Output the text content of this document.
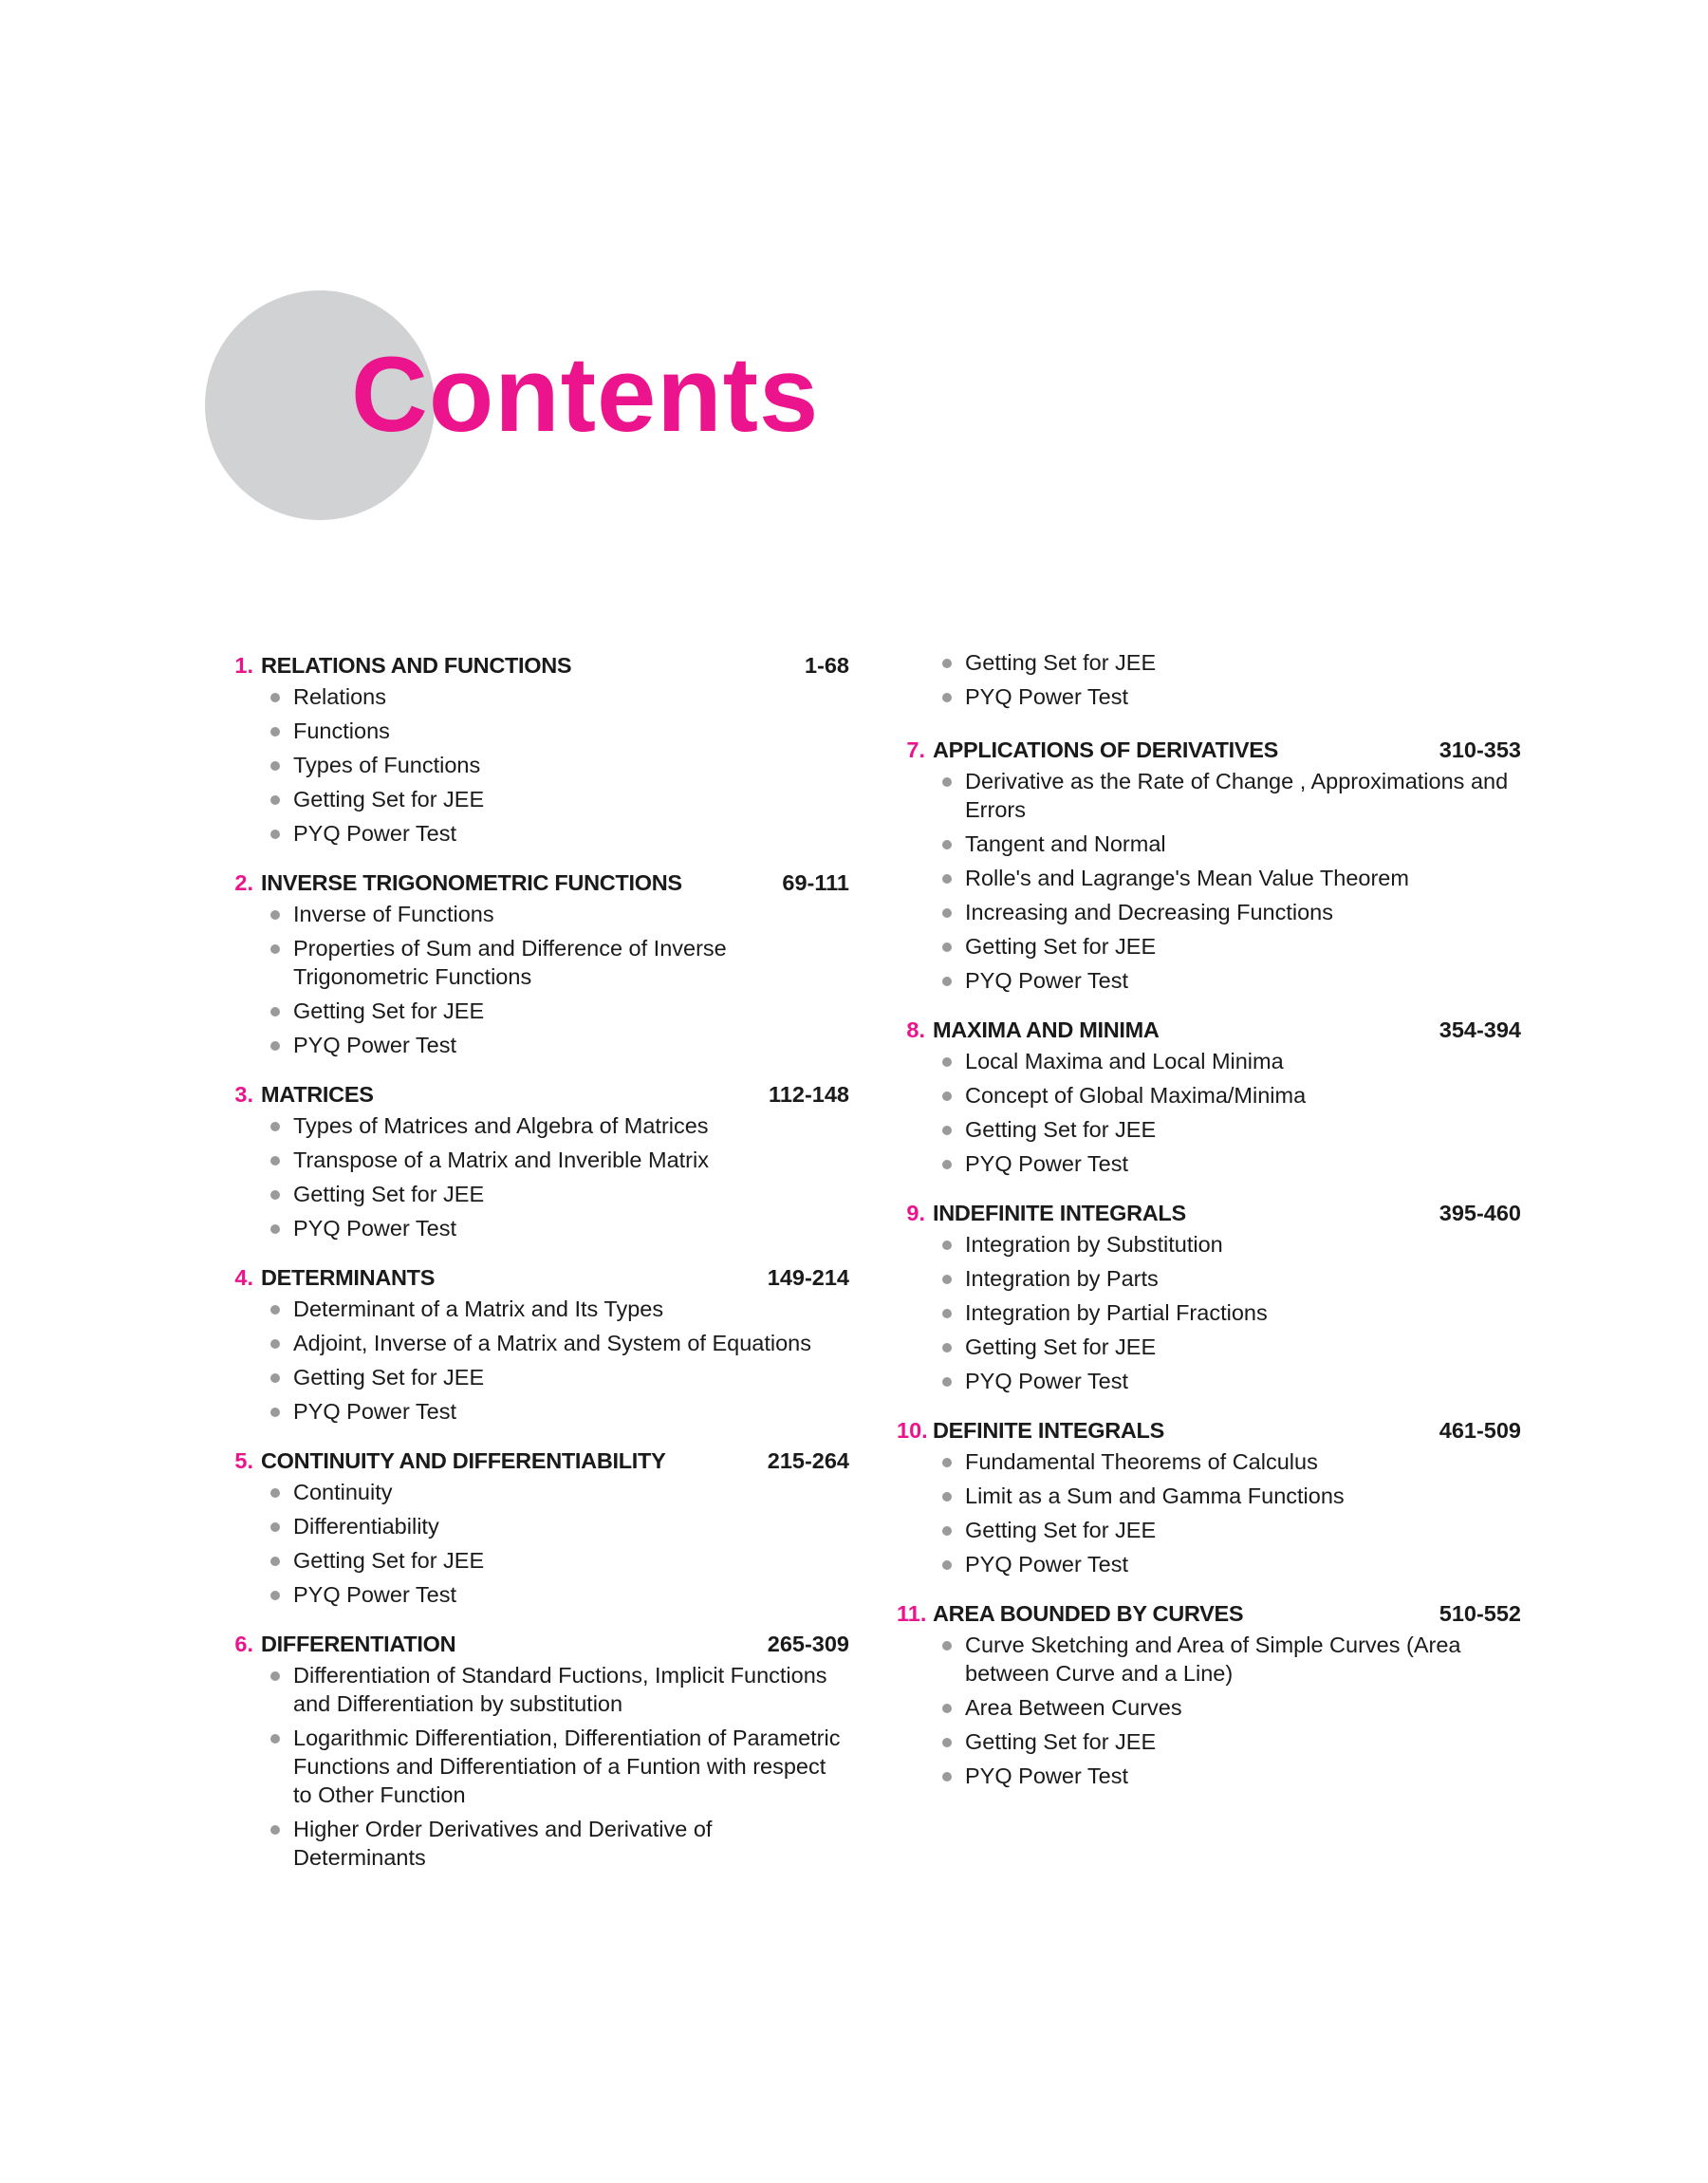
Contents
1. RELATIONS AND FUNCTIONS	1-68
Relations
Functions
Types of Functions
Getting Set for JEE
PYQ Power Test
2. INVERSE TRIGONOMETRIC FUNCTIONS	69-111
Inverse of Functions
Properties of Sum and Difference of Inverse Trigonometric Functions
Getting Set for JEE
PYQ Power Test
3. MATRICES	112-148
Types of Matrices and Algebra of Matrices
Transpose of a Matrix and Inverible Matrix
Getting Set for JEE
PYQ Power Test
4. DETERMINANTS	149-214
Determinant of a Matrix and Its Types
Adjoint, Inverse of a Matrix and System of Equations
Getting Set for JEE
PYQ Power Test
5. CONTINUITY AND DIFFERENTIABILITY	215-264
Continuity
Differentiability
Getting Set for JEE
PYQ Power Test
6. DIFFERENTIATION	265-309
Differentiation of Standard Fuctions, Implicit Functions and Differentiation by substitution
Logarithmic Differentiation, Differentiation of Parametric Functions and Differentiation of a Funtion with respect to Other Function
Higher Order Derivatives and Derivative of Determinants
Getting Set for JEE
PYQ Power Test
7. APPLICATIONS OF DERIVATIVES	310-353
Derivative as the Rate of Change , Approximations and Errors
Tangent and Normal
Rolle's and Lagrange's Mean Value Theorem
Increasing and Decreasing Functions
Getting Set for JEE
PYQ Power Test
8. MAXIMA AND MINIMA	354-394
Local Maxima and Local Minima
Concept of Global Maxima/Minima
Getting Set for JEE
PYQ Power Test
9. INDEFINITE INTEGRALS	395-460
Integration by Substitution
Integration by Parts
Integration by Partial Fractions
Getting Set for JEE
PYQ Power Test
10. DEFINITE INTEGRALS	461-509
Fundamental Theorems of Calculus
Limit as a Sum and Gamma Functions
Getting Set for JEE
PYQ Power Test
11. AREA BOUNDED BY CURVES	510-552
Curve Sketching and Area of Simple Curves (Area between Curve and a Line)
Area Between Curves
Getting Set for JEE
PYQ Power Test
